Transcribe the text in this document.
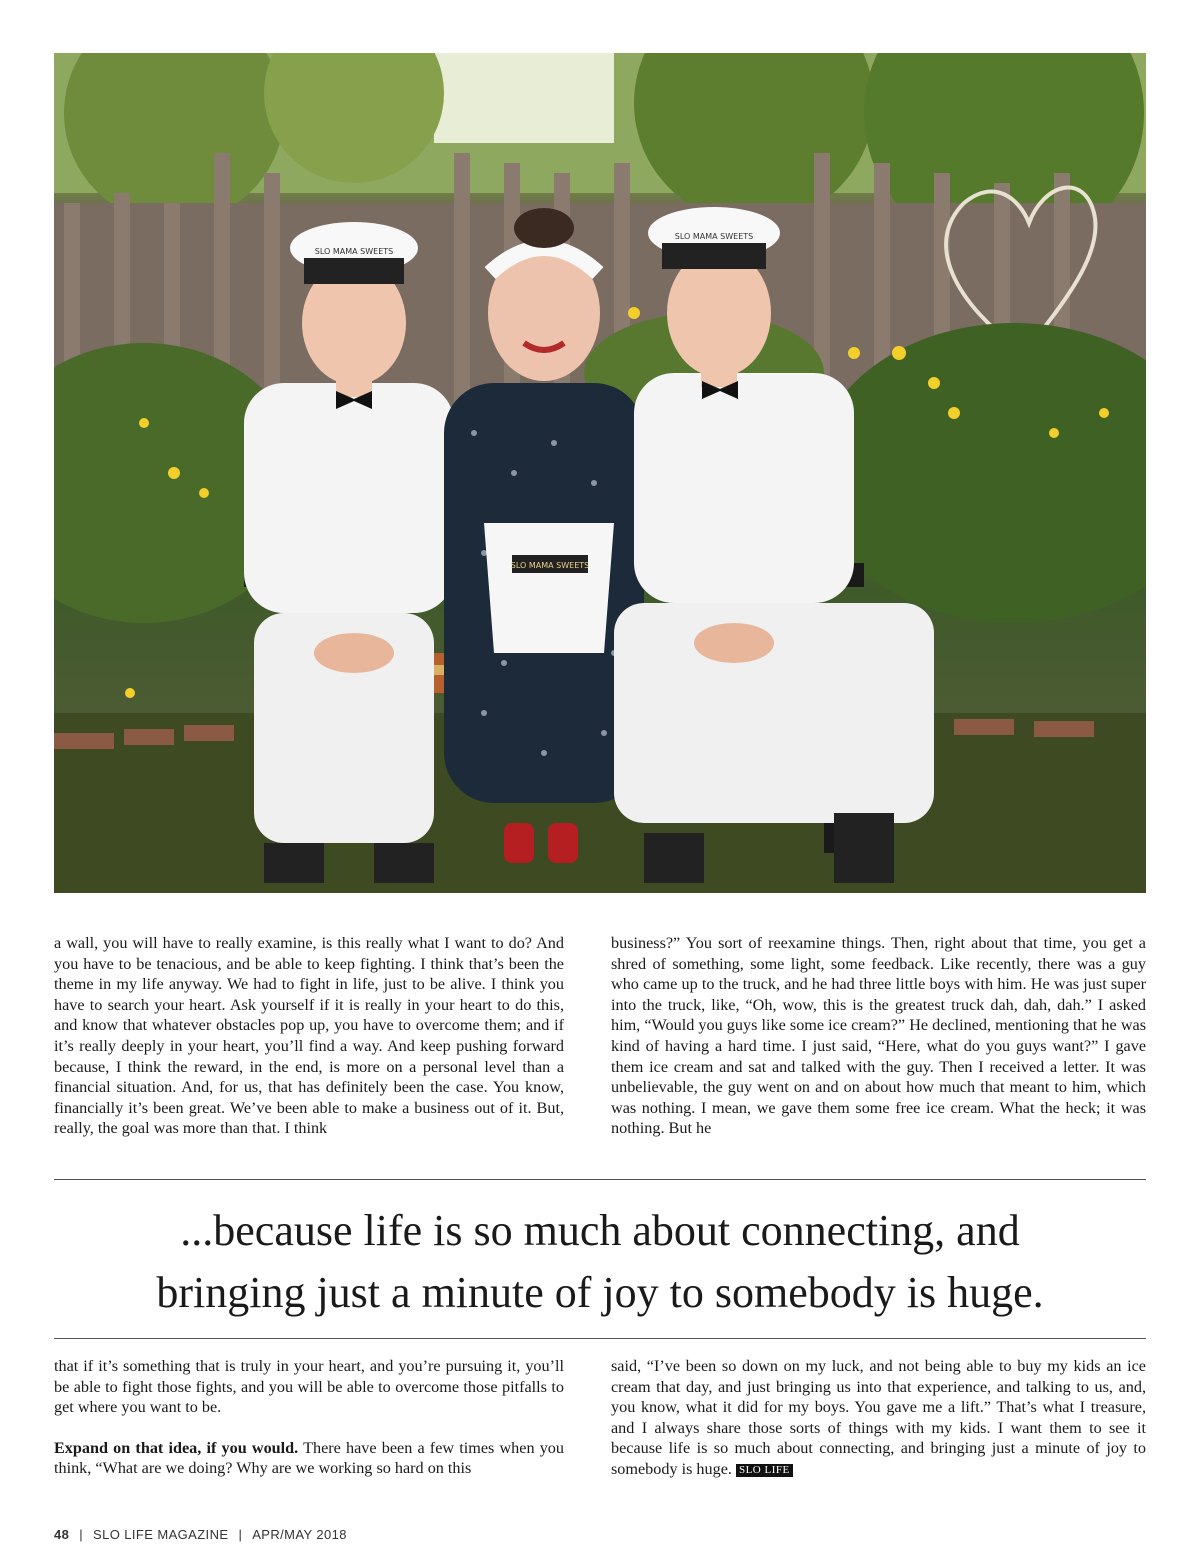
SLO MAMA SWEETS
SLO MAMA SWEETS
SLO MAMA SWEETS

a wall, you will have to really examine, is this really what I want to do? And you have to be tenacious, and be able to keep fighting. I think that’s been the theme in my life anyway. We had to fight in life, just to be alive. I think you have to search your heart. Ask yourself if it is really in your heart to do this, and know that whatever obstacles pop up, you have to overcome them; and if it’s really deeply in your heart, you’ll find a way. And keep pushing forward because, I think the reward, in the end, is more on a personal level than a financial situation. And, for us, that has definitely been the case. You know, financially it’s been great. We’ve been able to make a business out of it. But, really, the goal was more than that. I think

business?” You sort of reexamine things. Then, right about that time, you get a shred of something, some light, some feedback. Like recently, there was a guy who came up to the truck, and he had three little boys with him. He was just super into the truck, like, “Oh, wow, this is the greatest truck dah, dah, dah.” I asked him, “Would you guys like some ice cream?” He declined, mentioning that he was kind of having a hard time. I just said, “Here, what do you guys want?” I gave them ice cream and sat and talked with the guy. Then I received a letter. It was unbelievable, the guy went on and on about how much that meant to him, which was nothing. I mean, we gave them some free ice cream. What the heck; it was nothing. But he

...because life is so much about connecting, and
bringing just a minute of joy to somebody is huge.

that if it’s something that is truly in your heart, and you’re pursuing it, you’ll be able to fight those fights, and you will be able to overcome those pitfalls to get where you want to be.

Expand on that idea, if you would. There have been a few times when you think, “What are we doing? Why are we working so hard on this

said, “I’ve been so down on my luck, and not being able to buy my kids an ice cream that day, and just bringing us into that experience, and talking to us, and, you know, what it did for my boys. You gave me a lift.” That’s what I treasure, and I always share those sorts of things with my kids. I want them to see it because life is so much about connecting, and bringing just a minute of joy to somebody is huge. SLO LIFE

48 | SLO LIFE MAGAZINE | APR/MAY 2018
